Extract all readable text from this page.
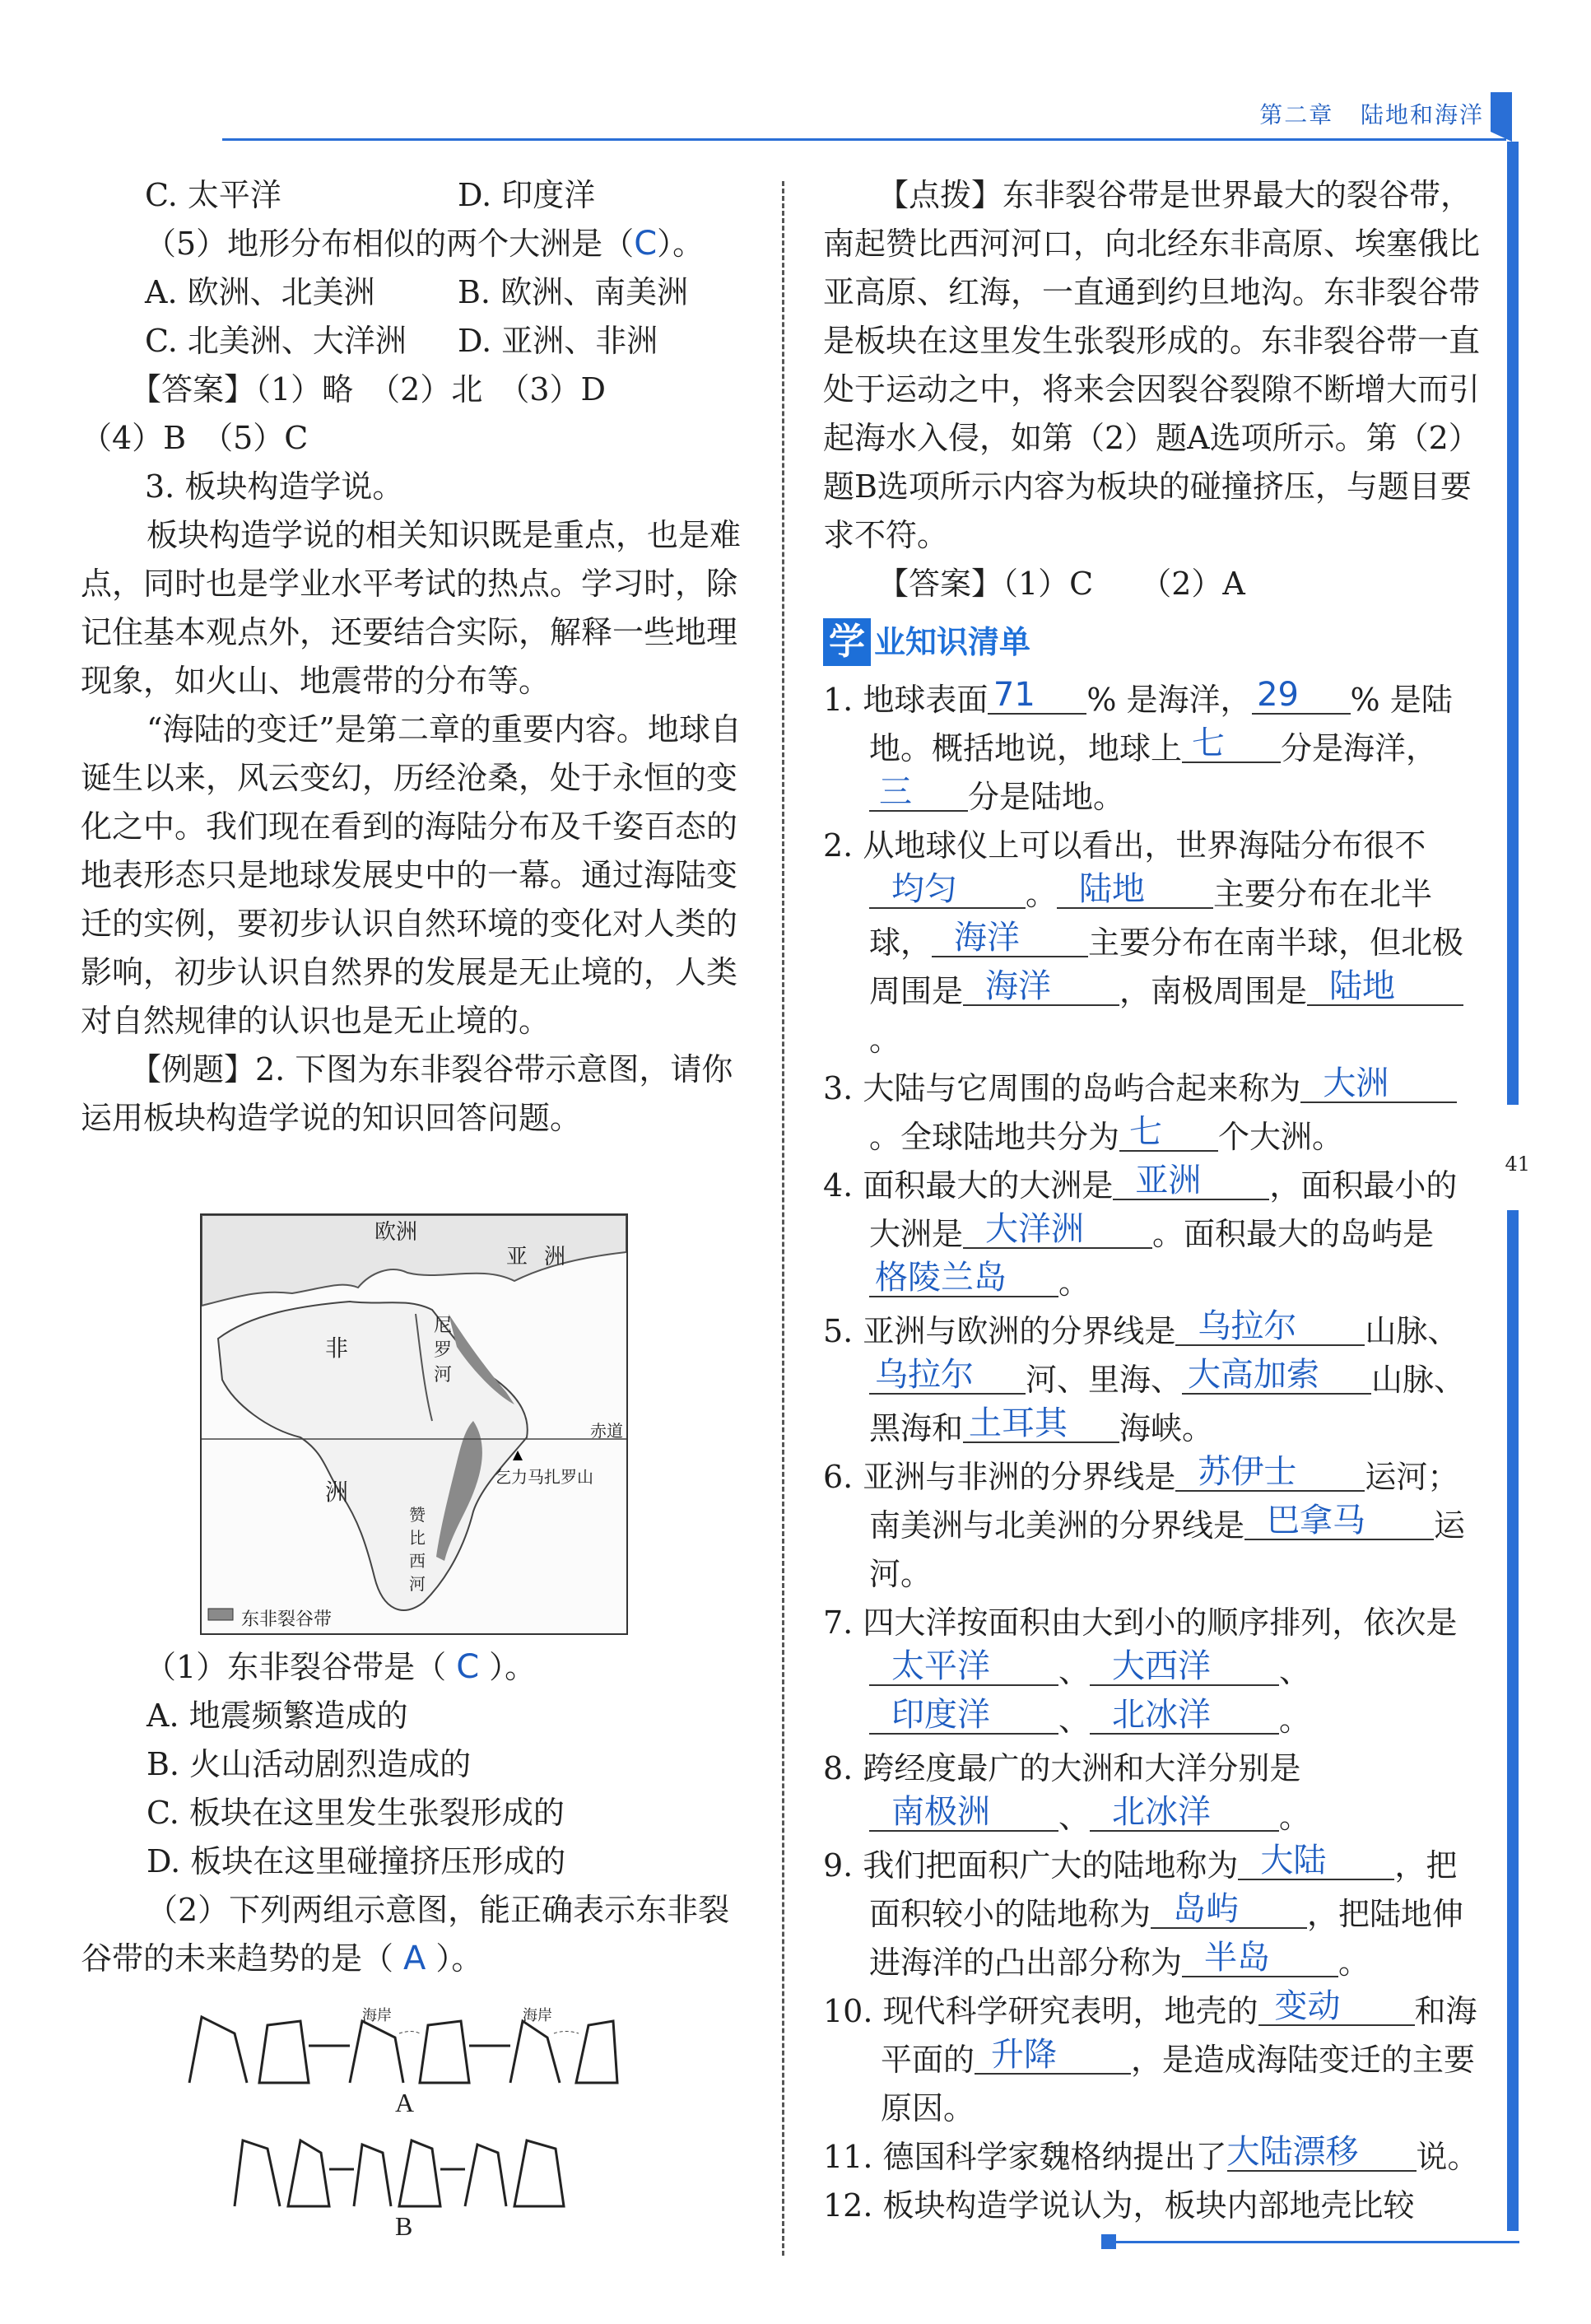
第二章 陆地和海洋
41

C. 太平洋	D. 印度洋

（5）地形分布相似的两个大洲是（C）。

A. 欧洲、北美洲	B. 欧洲、南美洲

C. 北美洲、大洋洲 D. 亚洲、非洲

【答案】（1）略　（2）北　（3）D

（4）B　（5）C

3. 板块构造学说。

板块构造学说的相关知识既是重点，也是难点，同时也是学业水平考试的热点。学习时，除记住基本观点外，还要结合实际，解释一些地理现象，如火山、地震带的分布等。

“海陆的变迁”是第二章的重要内容。地球自诞生以来，风云变幻，历经沧桑，处于永恒的变化之中。我们现在看到的海陆分布及千姿百态的地表形态只是地球发展史中的一幕。通过海陆变迁的实例，要初步认识自然环境的变化对人类的影响，初步认识自然界的发展是无止境的，人类对自然规律的认识也是无止境的。

【例题】2. 下图为东非裂谷带示意图，请你运用板块构造学说的知识回答问题。

欧洲
亚洲
尼罗河
非
洲
赤道
乞力马扎罗山
赞比西河
东非裂谷带

（1）东非裂谷带是（ C ）。

A. 地震频繁造成的

B. 火山活动剧烈造成的

C. 板块在这里发生张裂形成的

D. 板块在这里碰撞挤压形成的

（2）下列两组示意图，能正确表示东非裂谷带的未来趋势的是（ A ）。

海岸	海岸
A
B

【点拨】东非裂谷带是世界最大的裂谷带，南起赞比西河河口，向北经东非高原、埃塞俄比亚高原、红海，一直通到约旦地沟。东非裂谷带是板块在这里发生张裂形成的。东非裂谷带一直处于运动之中，将来会因裂谷裂隙不断增大而引起海水入侵，如第（2）题A选项所示。第（2）题B选项所示内容为板块的碰撞挤压，与题目要求不符。

【答案】（1）C　　（2）A

学 业知识清单

1. 地球表面 71 % 是海洋， 29 % 是陆地。概括地说，地球上 七 分是海洋，三 分是陆地。

2. 从地球仪上可以看出，世界海陆分布很不均匀 。 陆地 主要分布在北半球， 海洋 主要分布在南半球，但北极周围是 海洋 ，南极周围是 陆地。

3. 大陆与它周围的岛屿合起来称为 大洲。全球陆地共分为 七 个大洲。

4. 面积最大的大洲是 亚洲 ，面积最小的大洲是 大洋洲 。面积最大的岛屿是格陵兰岛 。

5. 亚洲与欧洲的分界线是 乌拉尔 山脉、乌拉尔 河、里海、 大高加索 山脉、黑海和 土耳其 海峡。

6. 亚洲与非洲的分界线是 苏伊士 运河；南美洲与北美洲的分界线是 巴拿马 运河。

7. 四大洋按面积由大到小的顺序排列，依次是太平洋 、 大西洋 、印度洋 、 北冰洋 。

8. 跨经度最广的大洲和大洋分别是南极洲 、 北冰洋 。

9. 我们把面积广大的陆地称为 大陆 ，把面积较小的陆地称为 岛屿 ，把陆地伸进海洋的凸出部分称为 半岛 。

10. 现代科学研究表明，地壳的 变动 和海平面的 升降 ，是造成海陆变迁的主要原因。

11. 德国科学家魏格纳提出了大陆漂移 说。

12. 板块构造学说认为，板块内部地壳比较
